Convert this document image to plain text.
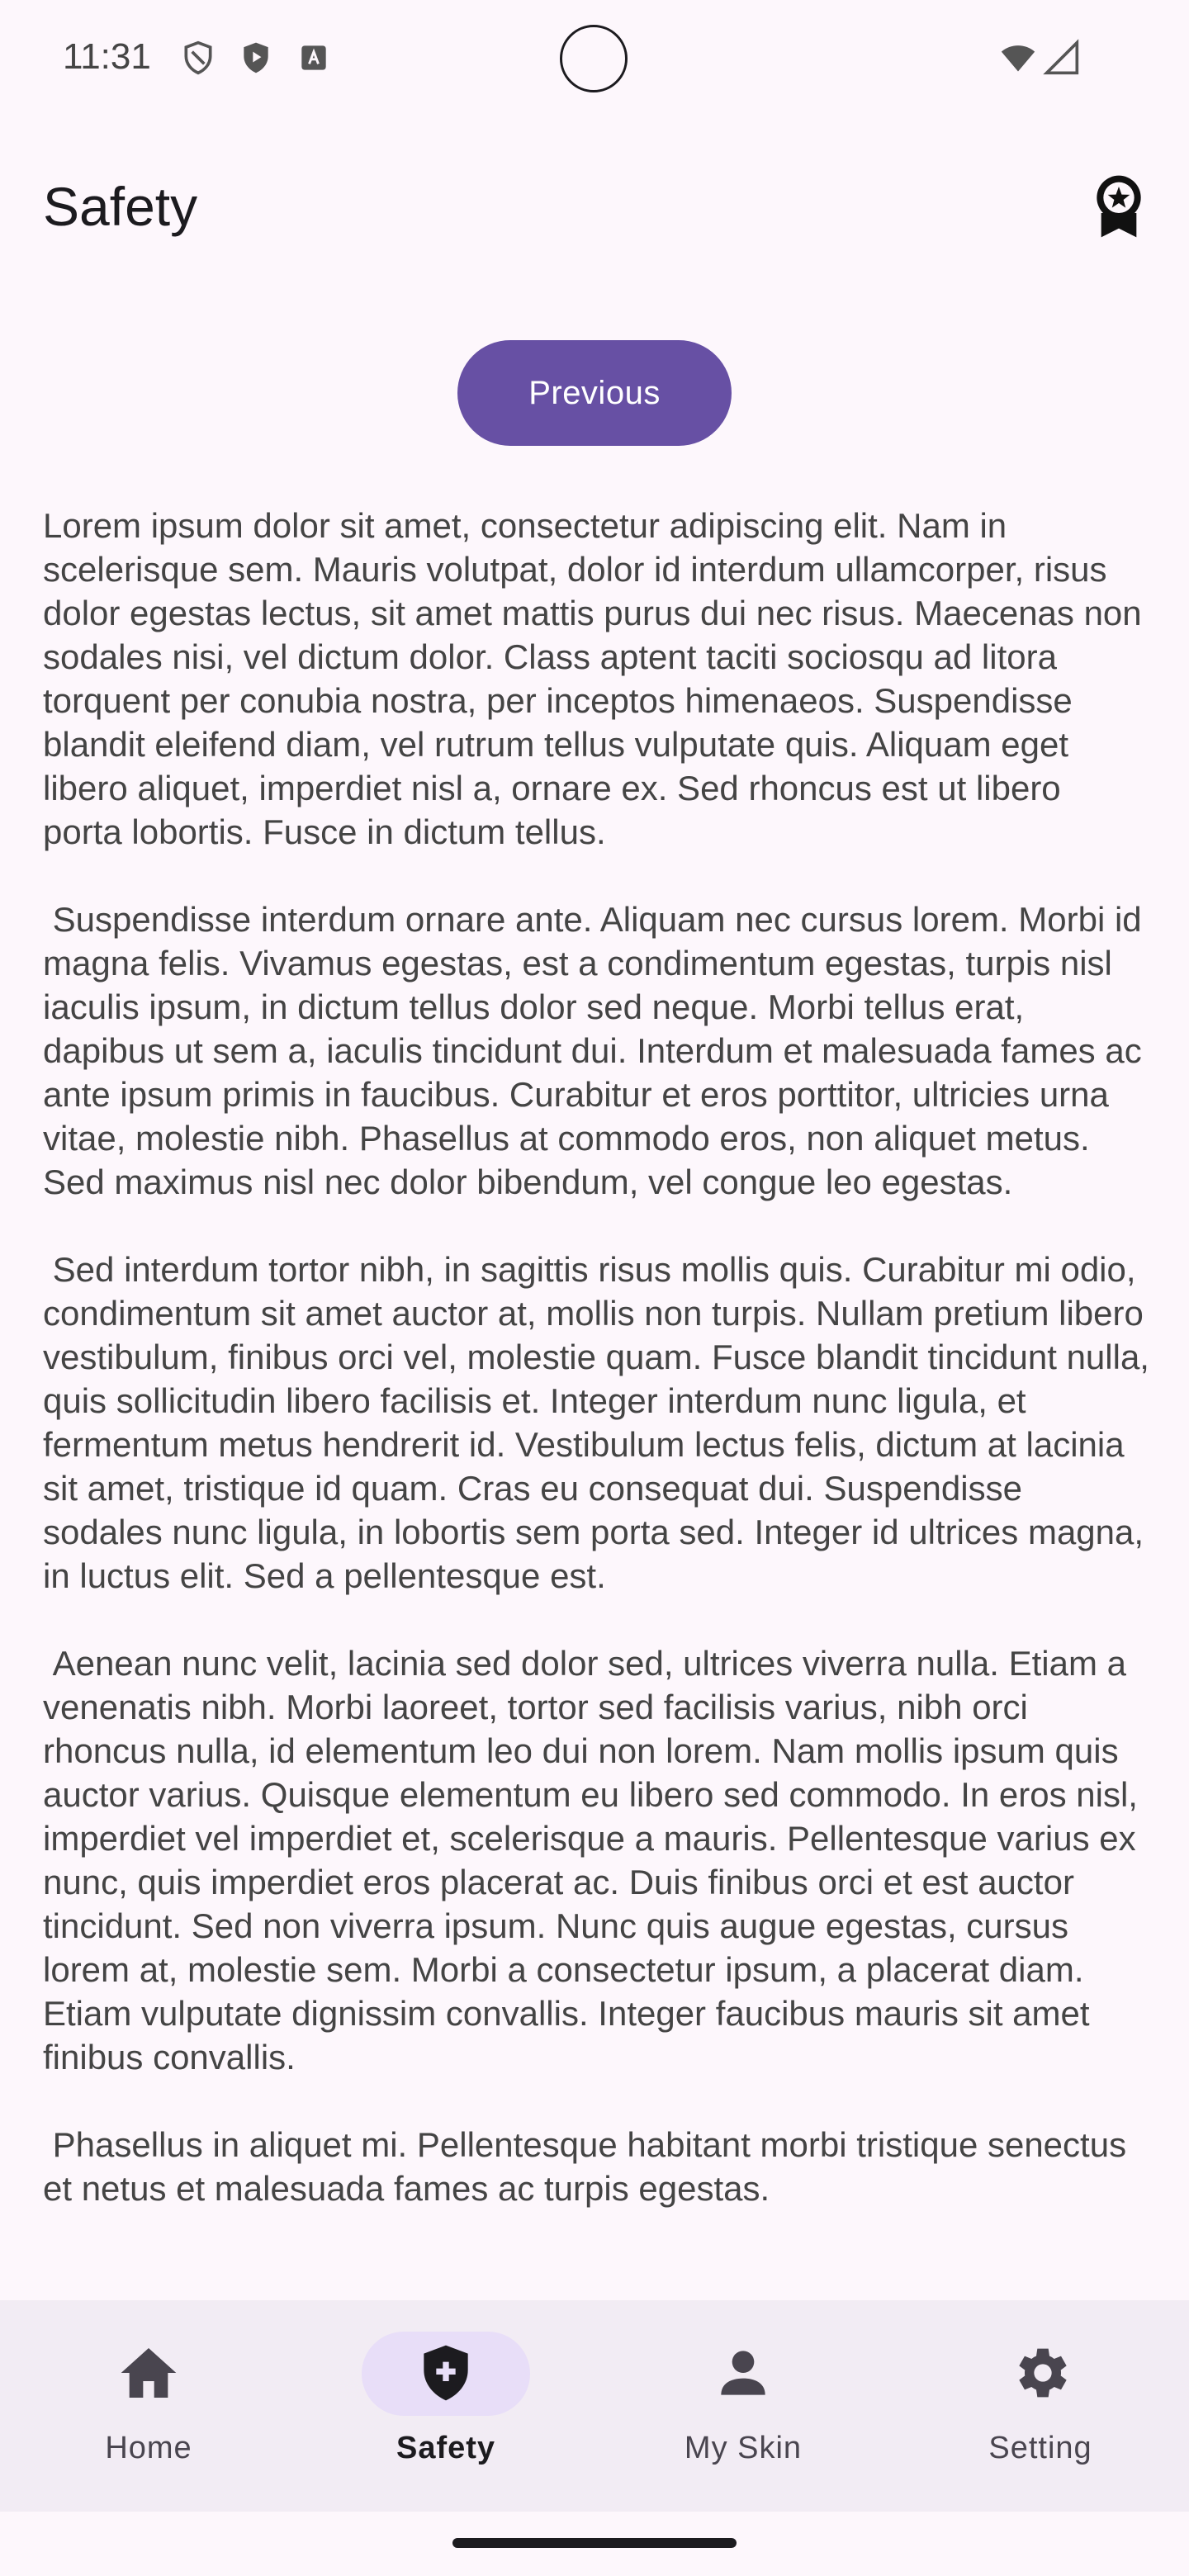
11:31
Safety
Previous

Lorem ipsum dolor sit amet, consectetur adipiscing elit. Nam in scelerisque sem. Mauris volutpat, dolor id interdum ullamcorper, risus dolor egestas lectus, sit amet mattis purus dui nec risus. Maecenas non sodales nisi, vel dictum dolor. Class aptent taciti sociosqu ad litora torquent per conubia nostra, per inceptos himenaeos. Suspendisse blandit eleifend diam, vel rutrum tellus vulputate quis. Aliquam eget libero aliquet, imperdiet nisl a, ornare ex. Sed rhoncus est ut libero porta lobortis. Fusce in dictum tellus.

Suspendisse interdum ornare ante. Aliquam nec cursus lorem. Morbi id magna felis. Vivamus egestas, est a condimentum egestas, turpis nisl iaculis ipsum, in dictum tellus dolor sed neque. Morbi tellus erat, dapibus ut sem a, iaculis tincidunt dui. Interdum et malesuada fames ac ante ipsum primis in faucibus. Curabitur et eros porttitor, ultricies urna vitae, molestie nibh. Phasellus at commodo eros, non aliquet metus. Sed maximus nisl nec dolor bibendum, vel congue leo egestas.

Sed interdum tortor nibh, in sagittis risus mollis quis. Curabitur mi odio, condimentum sit amet auctor at, mollis non turpis. Nullam pretium libero vestibulum, finibus orci vel, molestie quam. Fusce blandit tincidunt nulla, quis sollicitudin libero facilisis et. Integer interdum nunc ligula, et fermentum metus hendrerit id. Vestibulum lectus felis, dictum at lacinia sit amet, tristique id quam. Cras eu consequat dui. Suspendisse sodales nunc ligula, in lobortis sem porta sed. Integer id ultrices magna, in luctus elit. Sed a pellentesque est.

Aenean nunc velit, lacinia sed dolor sed, ultrices viverra nulla. Etiam a venenatis nibh. Morbi laoreet, tortor sed facilisis varius, nibh orci rhoncus nulla, id elementum leo dui non lorem. Nam mollis ipsum quis auctor varius. Quisque elementum eu libero sed commodo. In eros nisl, imperdiet vel imperdiet et, scelerisque a mauris. Pellentesque varius ex nunc, quis imperdiet eros placerat ac. Duis finibus orci et est auctor tincidunt. Sed non viverra ipsum. Nunc quis augue egestas, cursus lorem at, molestie sem. Morbi a consectetur ipsum, a placerat diam. Etiam vulputate dignissim convallis. Integer faucibus mauris sit amet finibus convallis.

Phasellus in aliquet mi. Pellentesque habitant morbi tristique senectus et netus et malesuada fames ac turpis egestas.

Home	Safety	My Skin	Setting
